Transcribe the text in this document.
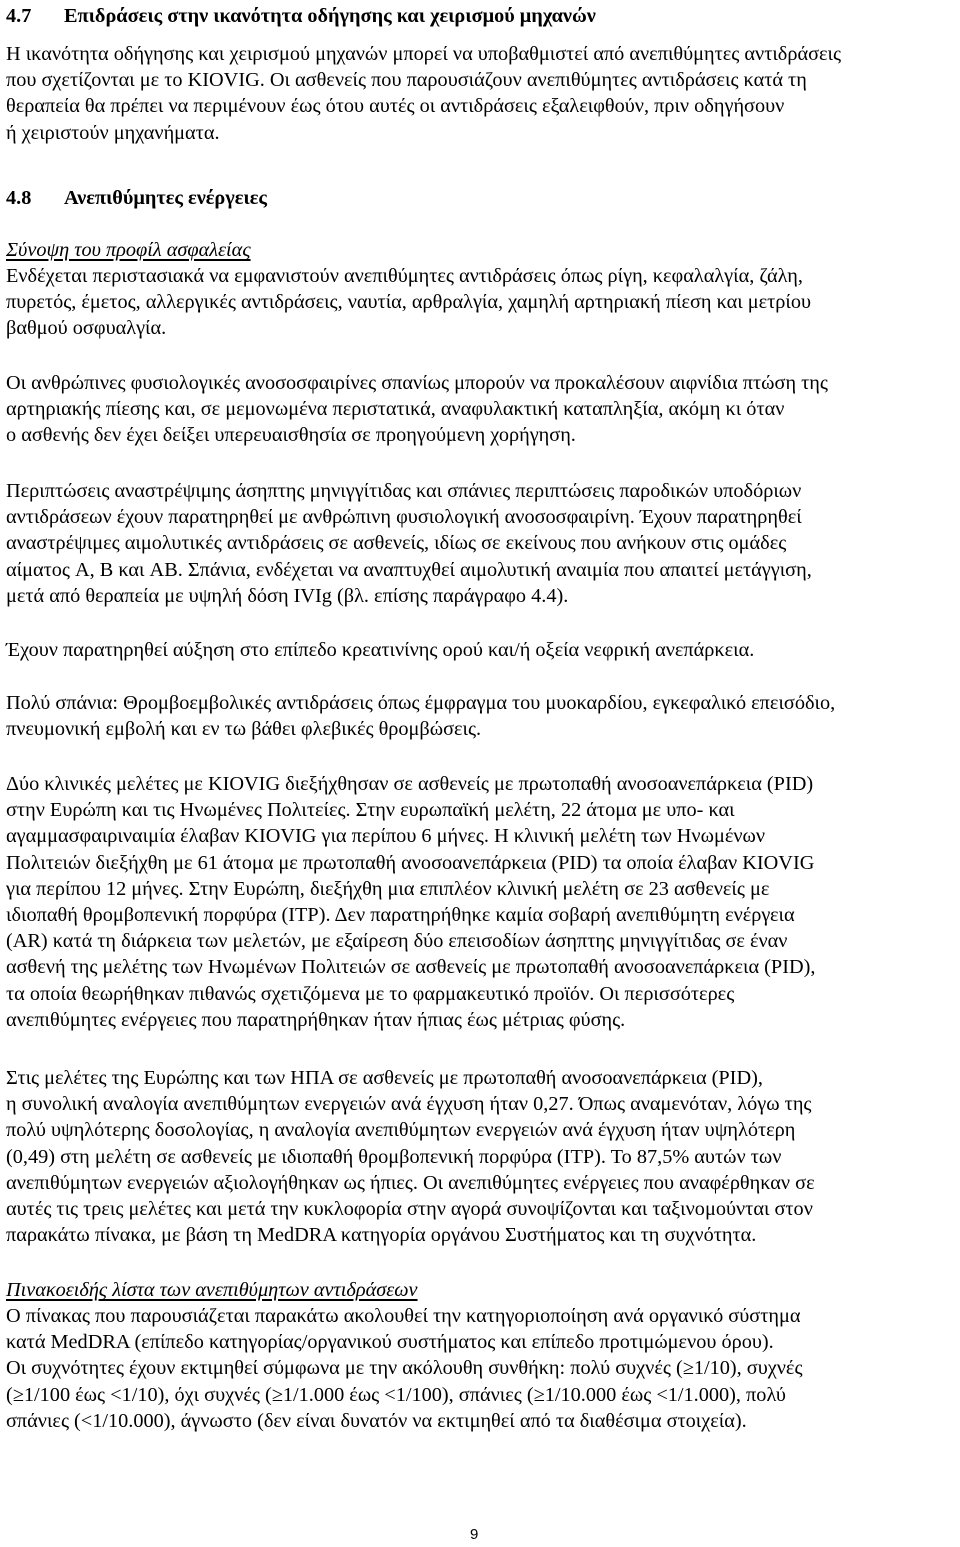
4.7 Επιδράσεις στην ικανότητα οδήγησης και χειρισμού μηχανών
Η ικανότητα οδήγησης και χειρισμού μηχανών μπορεί να υποβαθμιστεί από ανεπιθύμητες αντιδράσεις
που σχετίζονται με το KIOVIG. Οι ασθενείς που παρουσιάζουν ανεπιθύμητες αντιδράσεις κατά τη
θεραπεία θα πρέπει να περιμένουν έως ότου αυτές οι αντιδράσεις εξαλειφθούν, πριν οδηγήσουν
ή χειριστούν μηχανήματα.
4.8 Ανεπιθύμητες ενέργειες
Σύνοψη του προφίλ ασφαλείας
Ενδέχεται περιστασιακά να εμφανιστούν ανεπιθύμητες αντιδράσεις όπως ρίγη, κεφαλαλγία, ζάλη,
πυρετός, έμετος, αλλεργικές αντιδράσεις, ναυτία, αρθραλγία, χαμηλή αρτηριακή πίεση και μετρίου
βαθμού οσφυαλγία.
Οι ανθρώπινες φυσιολογικές ανοσοσφαιρίνες σπανίως μπορούν να προκαλέσουν αιφνίδια πτώση της
αρτηριακής πίεσης και, σε μεμονωμένα περιστατικά, αναφυλακτική καταπληξία, ακόμη κι όταν
ο ασθενής δεν έχει δείξει υπερευαισθησία σε προηγούμενη χορήγηση.
Περιπτώσεις αναστρέψιμης άσηπτης μηνιγγίτιδας και σπάνιες περιπτώσεις παροδικών υποδόριων
αντιδράσεων έχουν παρατηρηθεί με ανθρώπινη φυσιολογική ανοσοσφαιρίνη. Έχουν παρατηρηθεί
αναστρέψιμες αιμολυτικές αντιδράσεις σε ασθενείς, ιδίως σε εκείνους που ανήκουν στις ομάδες
αίματος A, B και AB. Σπάνια, ενδέχεται να αναπτυχθεί αιμολυτική αναιμία που απαιτεί μετάγγιση,
μετά από θεραπεία με υψηλή δόση IVIg (βλ. επίσης παράγραφο 4.4).
Έχουν παρατηρηθεί αύξηση στο επίπεδο κρεατινίνης ορού και/ή οξεία νεφρική ανεπάρκεια.
Πολύ σπάνια: Θρομβοεμβολικές αντιδράσεις όπως έμφραγμα του μυοκαρδίου, εγκεφαλικό επεισόδιο,
πνευμονική εμβολή και εν τω βάθει φλεβικές θρομβώσεις.
Δύο κλινικές μελέτες με KIOVIG διεξήχθησαν σε ασθενείς με πρωτοπαθή ανοσοανεπάρκεια (PID)
στην Ευρώπη και τις Ηνωμένες Πολιτείες. Στην ευρωπαϊκή μελέτη, 22 άτομα με υπο- και
αγαμμασφαιριναιμία έλαβαν KIOVIG για περίπου 6 μήνες. Η κλινική μελέτη των Ηνωμένων
Πολιτειών διεξήχθη με 61 άτομα με πρωτοπαθή ανοσοανεπάρκεια (PID) τα οποία έλαβαν KIOVIG
για περίπου 12 μήνες. Στην Ευρώπη, διεξήχθη μια επιπλέον κλινική μελέτη σε 23 ασθενείς με
ιδιοπαθή θρομβοπενική πορφύρα (ITP). Δεν παρατηρήθηκε καμία σοβαρή ανεπιθύμητη ενέργεια
(AR) κατά τη διάρκεια των μελετών, με εξαίρεση δύο επεισοδίων άσηπτης μηνιγγίτιδας σε έναν
ασθενή της μελέτης των Ηνωμένων Πολιτειών σε ασθενείς με πρωτοπαθή ανοσοανεπάρκεια (PID),
τα οποία θεωρήθηκαν πιθανώς σχετιζόμενα με το φαρμακευτικό προϊόν. Οι περισσότερες
ανεπιθύμητες ενέργειες που παρατηρήθηκαν ήταν ήπιας έως μέτριας φύσης.
Στις μελέτες της Ευρώπης και των ΗΠΑ σε ασθενείς με πρωτοπαθή ανοσοανεπάρκεια (PID),
η συνολική αναλογία ανεπιθύμητων ενεργειών ανά έγχυση ήταν 0,27. Όπως αναμενόταν, λόγω της
πολύ υψηλότερης δοσολογίας, η αναλογία ανεπιθύμητων ενεργειών ανά έγχυση ήταν υψηλότερη
(0,49) στη μελέτη σε ασθενείς με ιδιοπαθή θρομβοπενική πορφύρα (ITP). Το 87,5% αυτών των
ανεπιθύμητων ενεργειών αξιολογήθηκαν ως ήπιες. Οι ανεπιθύμητες ενέργειες που αναφέρθηκαν σε
αυτές τις τρεις μελέτες και μετά την κυκλοφορία στην αγορά συνοψίζονται και ταξινομούνται στον
παρακάτω πίνακα, με βάση τη MedDRA κατηγορία οργάνου Συστήματος και τη συχνότητα.
Πινακοειδής λίστα των ανεπιθύμητων αντιδράσεων
Ο πίνακας που παρουσιάζεται παρακάτω ακολουθεί την κατηγοριοποίηση ανά οργανικό σύστημα
κατά MedDRA (επίπεδο κατηγορίας/οργανικού συστήματος και επίπεδο προτιμώμενου όρου).
Οι συχνότητες έχουν εκτιμηθεί σύμφωνα με την ακόλουθη συνθήκη: πολύ συχνές (≥1/10), συχνές
(≥1/100 έως <1/10), όχι συχνές (≥1/1.000 έως <1/100), σπάνιες (≥1/10.000 έως <1/1.000), πολύ
σπάνιες (<1/10.000), άγνωστο (δεν είναι δυνατόν να εκτιμηθεί από τα διαθέσιμα στοιχεία).
9
